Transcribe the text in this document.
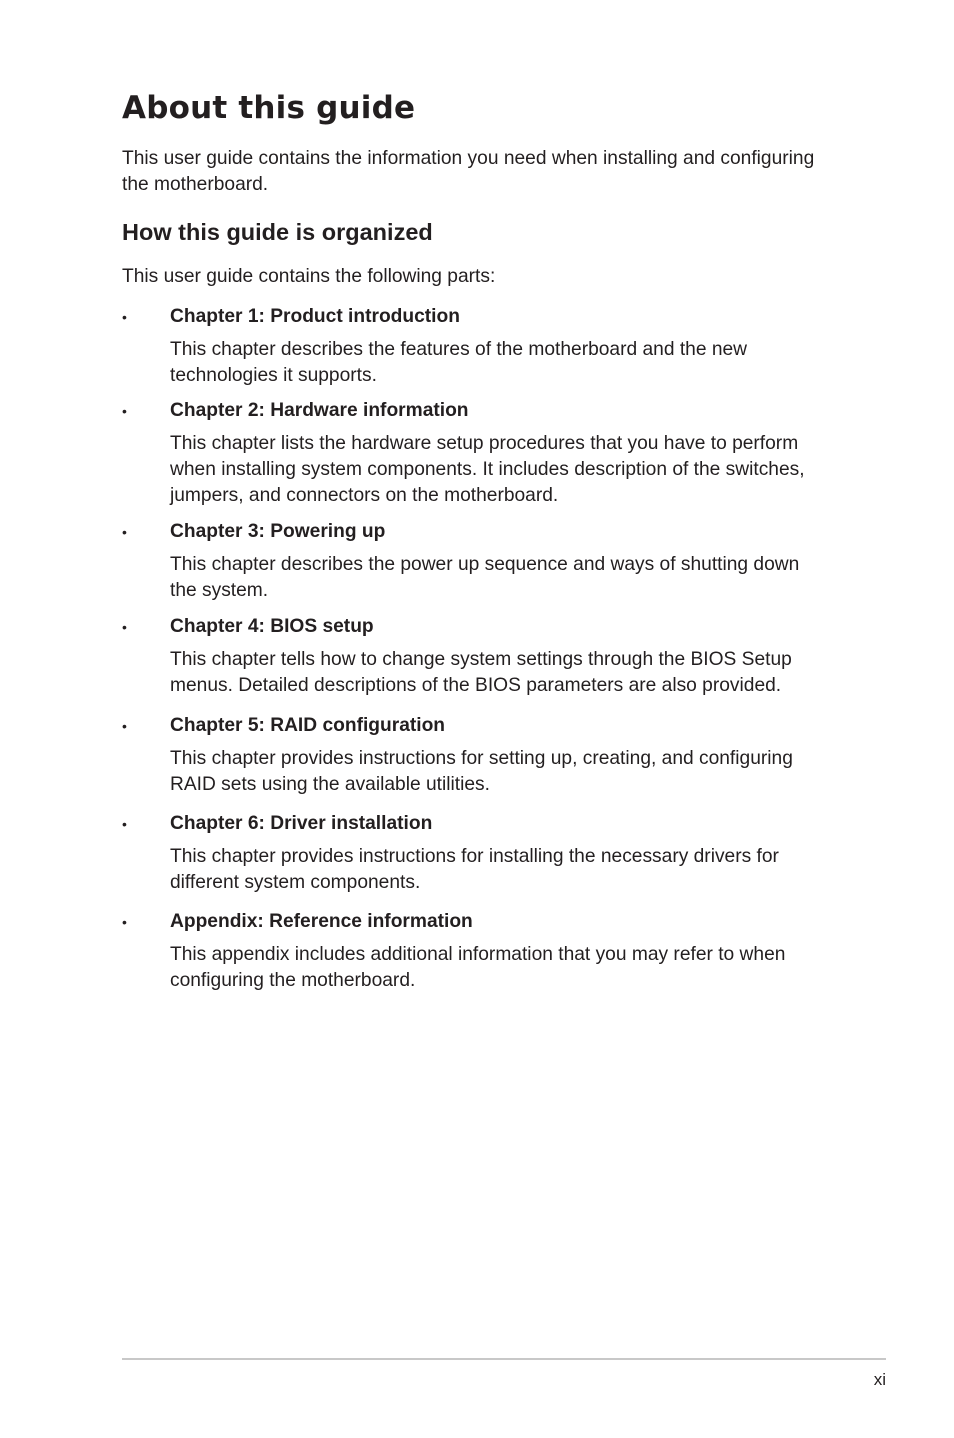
About this guide

This user guide contains the information you need when installing and configuring the motherboard.

How this guide is organized

This user guide contains the following parts:

•	Chapter 1: Product introduction

This chapter describes the features of the motherboard and the new technologies it supports.

•	Chapter 2: Hardware information

This chapter lists the hardware setup procedures that you have to perform when installing system components. It includes description of the switches, jumpers, and connectors on the motherboard.

•	Chapter 3: Powering up

This chapter describes the power up sequence and ways of shutting down the system.

•	Chapter 4: BIOS setup

This chapter tells how to change system settings through the BIOS Setup menus. Detailed descriptions of the BIOS parameters are also provided.

•	Chapter 5: RAID configuration

This chapter provides instructions for setting up, creating, and configuring RAID sets using the available utilities.

•	Chapter 6: Driver installation

This chapter provides instructions for installing the necessary drivers for different system components.

•	Appendix: Reference information

This appendix includes additional information that you may refer to when configuring the motherboard.

xi
